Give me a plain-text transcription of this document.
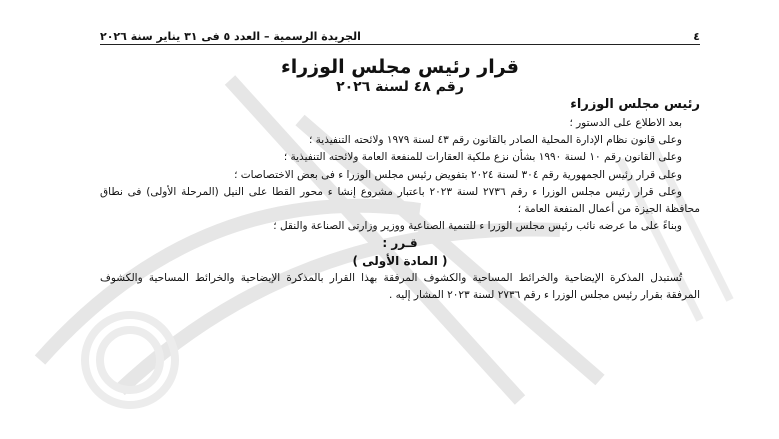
٤
الجريدة الرسمية – العدد ٥ فى ٣١ يناير سنة ٢٠٢٦
قرار رئيس مجلس الوزراء
رقم ٤٨ لسنة ٢٠٢٦

رئيس مجلس الوزراء

بعد الاطلاع على الدستور ؛

وعلى قانون نظام الإدارة المحلية الصادر بالقانون رقم ٤٣ لسنة ١٩٧٩ ولائحته التنفيذية ؛

وعلى القانون رقم ١٠ لسنة ١٩٩٠ بشأن نزع ملكية العقارات للمنفعة العامة ولائحته التنفيذية ؛

وعلى قرار رئيس الجمهورية رقم ٣٠٤ لسنة ٢٠٢٤ بتفويض رئيس مجلس الوزرا ء فى بعض الاختصاصات ؛

وعلى قرار رئيس مجلس الوزرا ء رقم ٢٧٣٦ لسنة ٢٠٢٣ باعتبار مشروع إنشا ء محور القطا على النيل (المرحلة الأولى) فى نطاق محافظة الجيزة من أعمال المنفعة العامة ؛

وبناءً على ما عرضه نائب رئيس مجلس الوزرا ء للتنمية الصناعية ووزير وزارتى الصناعة والنقل ؛

قـرر :

( المادة الأولى )

تُستبدل المذكرة الإيضاحية والخرائط المساحية والكشوف المرفقة بهذا القرار بالمذكرة الإيضاحية والخرائط المساحية والكشوف المرفقة بقرار رئيس مجلس الوزرا ء رقم ٢٧٣٦ لسنة ٢٠٢٣ المشار إليه .
